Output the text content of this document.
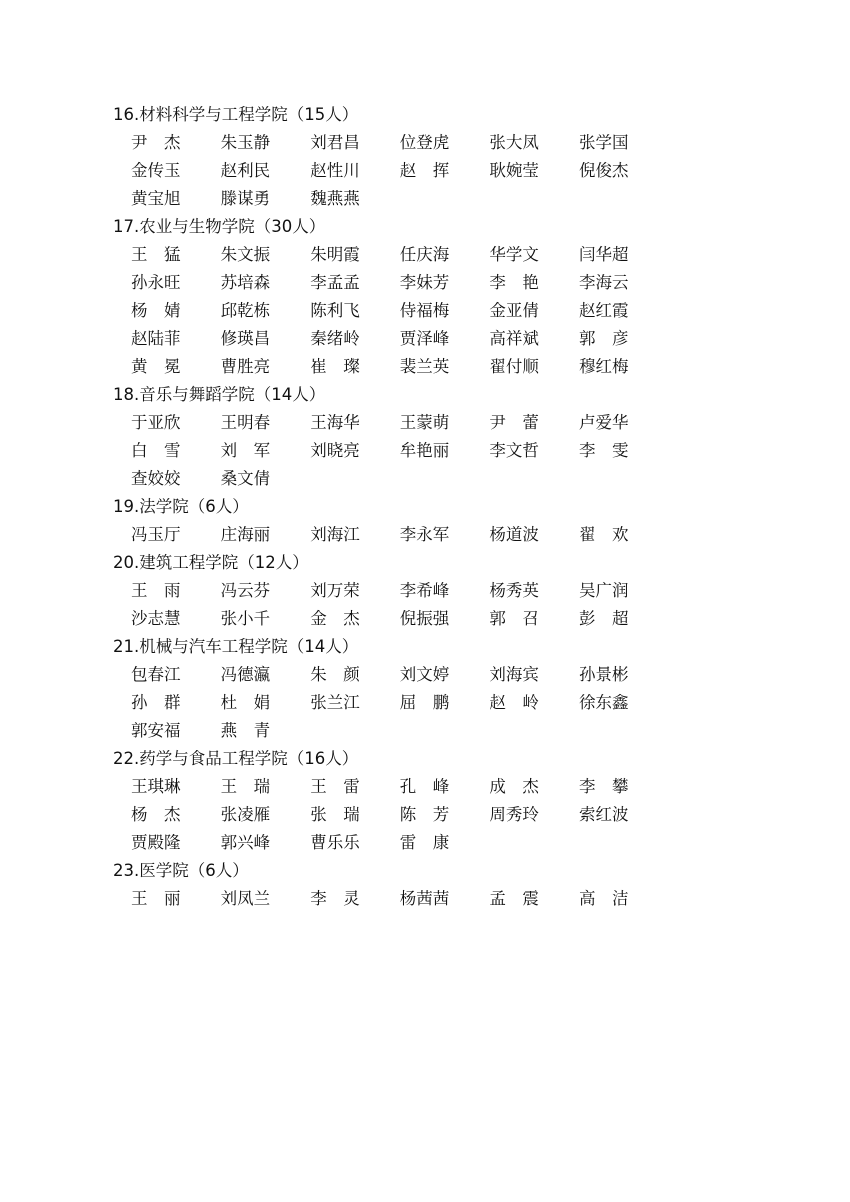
16.材料科学与工程学院（15人）
尹　杰	朱玉静	刘君昌	位登虎	张大凤	张学国
金传玉	赵利民	赵性川	赵　挥	耿婉莹	倪俊杰
黄宝旭	滕谋勇	魏燕燕
17.农业与生物学院（30人）
王　猛	朱文振	朱明霞	任庆海	华学文	闫华超
孙永旺	苏培森	李孟孟	李妹芳	李　艳	李海云
杨　婧	邱乾栋	陈利飞	侍福梅	金亚倩	赵红霞
赵陆菲	修瑛昌	秦绪岭	贾泽峰	高祥斌	郭　彦
黄　冕	曹胜亮	崔　璨	裴兰英	翟付顺	穆红梅
18.音乐与舞蹈学院（14人）
于亚欣	王明春	王海华	王蒙萌	尹　蕾	卢爱华
白　雪	刘　军	刘晓亮	牟艳丽	李文哲	李　雯
查姣姣	桑文倩
19.法学院（6人）
冯玉厅	庄海丽	刘海江	李永军	杨道波	翟　欢
20.建筑工程学院（12人）
王　雨	冯云芬	刘万荣	李希峰	杨秀英	吴广润
沙志慧	张小千	金　杰	倪振强	郭　召	彭　超
21.机械与汽车工程学院（14人）
包春江	冯德瀛	朱　颜	刘文婷	刘海宾	孙景彬
孙　群	杜　娟	张兰江	屈　鹏	赵　岭	徐东鑫
郭安福	燕　青
22.药学与食品工程学院（16人）
王琪琳	王　瑞	王　雷	孔　峰	成　杰	李　攀
杨　杰	张凌雁	张　瑞	陈　芳	周秀玲	索红波
贾殿隆	郭兴峰	曹乐乐	雷　康
23.医学院（6人）
王　丽	刘凤兰	李　灵	杨茜茜	孟　震	高　洁
